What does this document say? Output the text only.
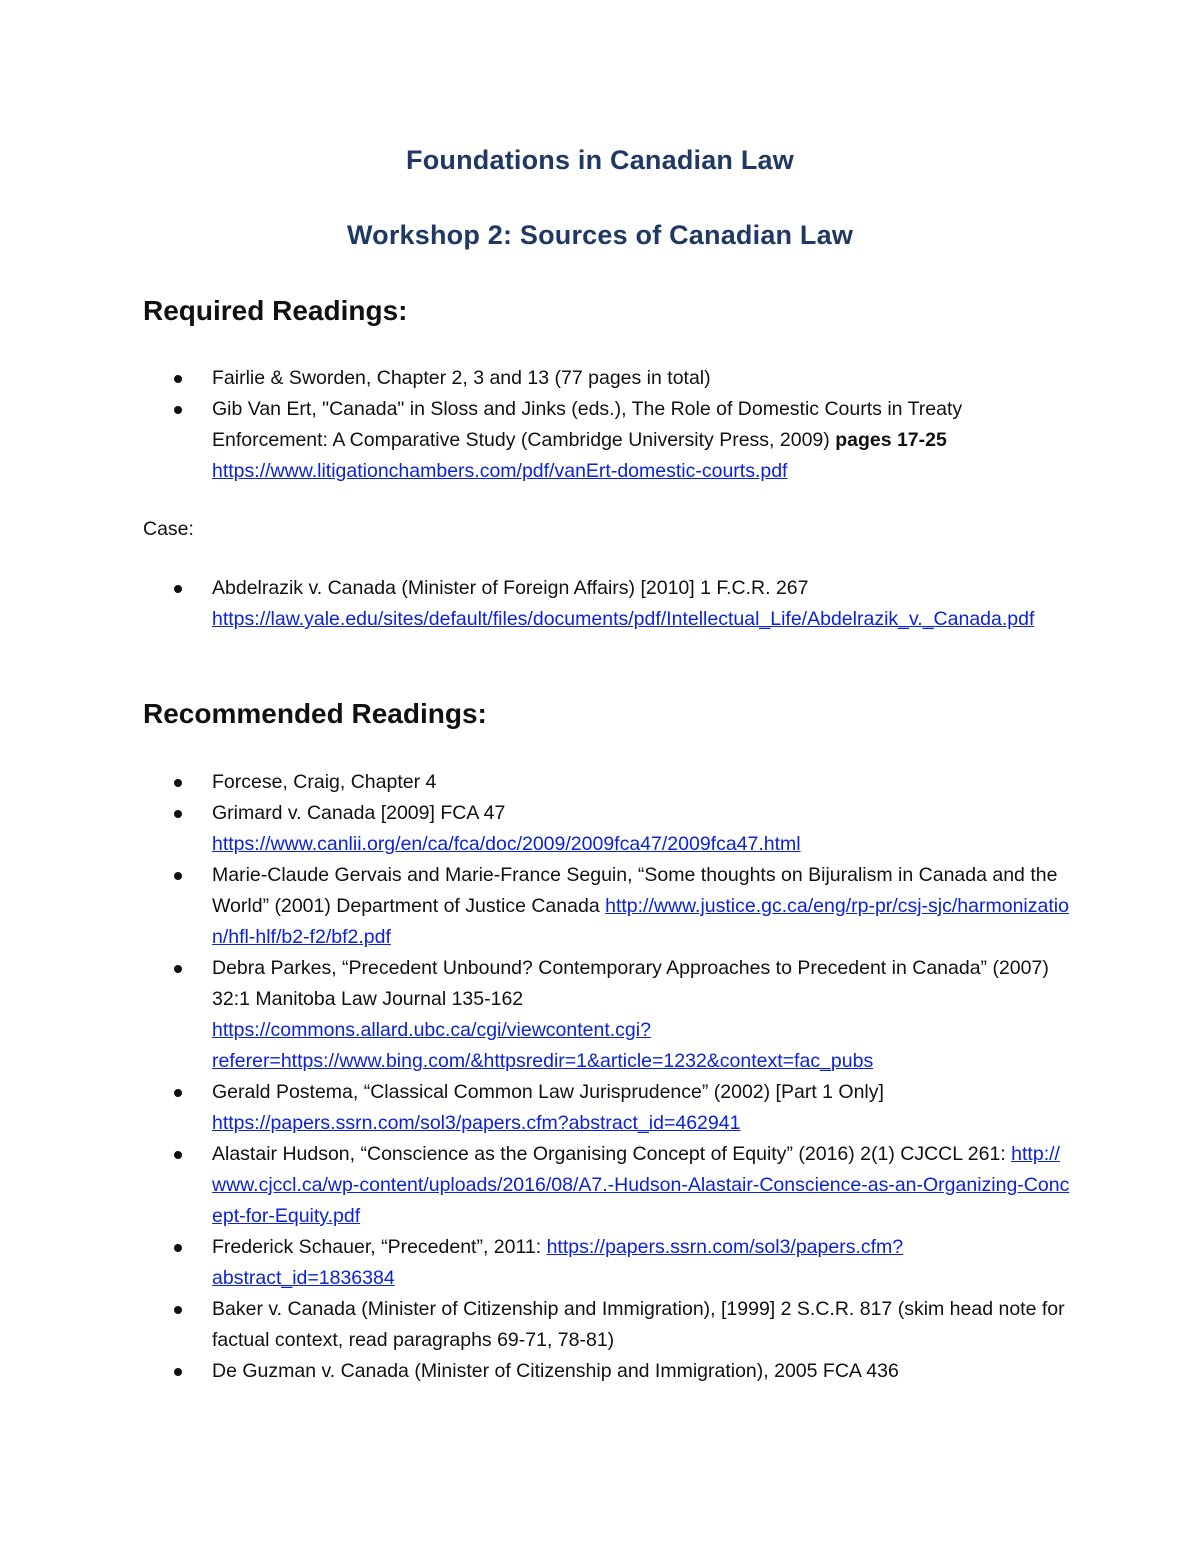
Foundations in Canadian Law
Workshop 2: Sources of Canadian Law
Required Readings:
Fairlie & Sworden, Chapter 2, 3 and 13 (77 pages in total)
Gib Van Ert, "Canada" in Sloss and Jinks (eds.), The Role of Domestic Courts in Treaty Enforcement: A Comparative Study (Cambridge University Press, 2009) pages 17-25
https://www.litigationchambers.com/pdf/vanErt-domestic-courts.pdf
Case:
Abdelrazik v. Canada (Minister of Foreign Affairs) [2010] 1 F.C.R. 267
https://law.yale.edu/sites/default/files/documents/pdf/Intellectual_Life/Abdelrazik_v._Canada.pdf
Recommended Readings:
Forcese, Craig, Chapter 4
Grimard v. Canada [2009] FCA 47
https://www.canlii.org/en/ca/fca/doc/2009/2009fca47/2009fca47.html
Marie-Claude Gervais and Marie-France Seguin, “Some thoughts on Bijuralism in Canada and the World” (2001) Department of Justice Canada http://www.justice.gc.ca/eng/rp-pr/csj-sjc/harmonization/hfl-hlf/b2-f2/bf2.pdf
Debra Parkes, “Precedent Unbound? Contemporary Approaches to Precedent in Canada” (2007) 32:1 Manitoba Law Journal 135-162
https://commons.allard.ubc.ca/cgi/viewcontent.cgi?
referer=https://www.bing.com/&httpsredir=1&article=1232&context=fac_pubs
Gerald Postema, “Classical Common Law Jurisprudence” (2002) [Part 1 Only]
https://papers.ssrn.com/sol3/papers.cfm?abstract_id=462941
Alastair Hudson, “Conscience as the Organising Concept of Equity” (2016) 2(1) CJCCL 261: http://www.cjccl.ca/wp-content/uploads/2016/08/A7.-Hudson-Alastair-Conscience-as-an-Organizing-Concept-for-Equity.pdf
Frederick Schauer, “Precedent”, 2011: https://papers.ssrn.com/sol3/papers.cfm?
abstract_id=1836384
Baker v. Canada (Minister of Citizenship and Immigration), [1999] 2 S.C.R. 817 (skim head note for factual context, read paragraphs 69-71, 78-81)
De Guzman v. Canada (Minister of Citizenship and Immigration), 2005 FCA 436
